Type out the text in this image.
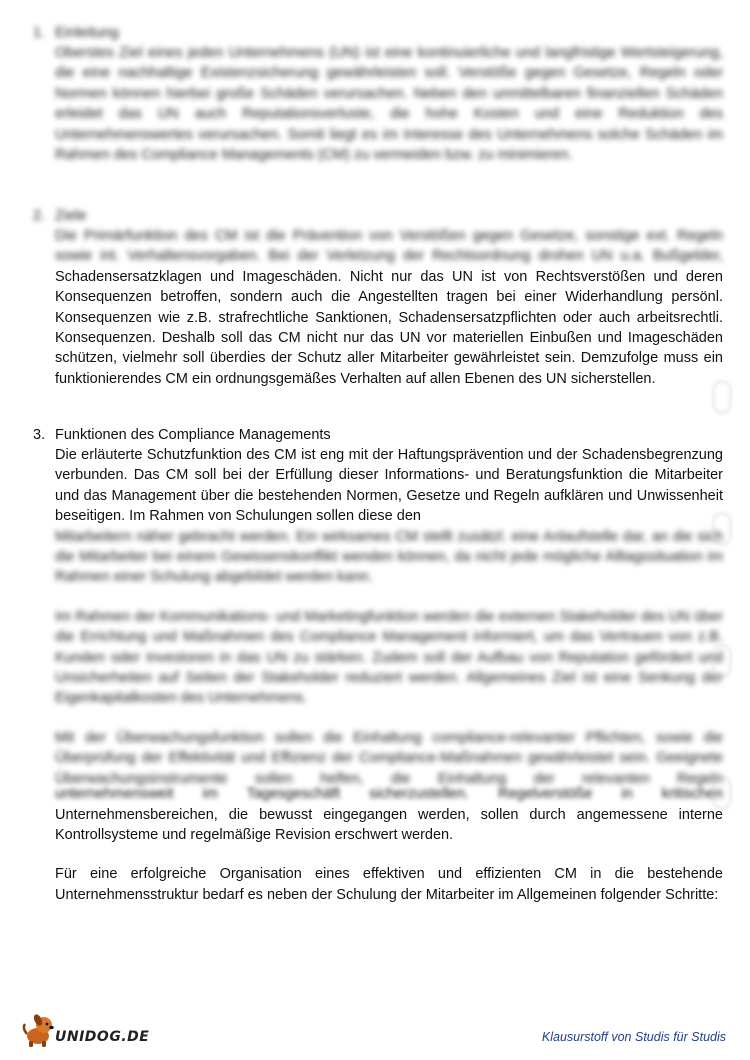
1. Einleitung
Oberstes Ziel eines jeden Unternehmens (UN) ist eine kontinuierliche und langfristige Wertsteigerung, die eine nachhaltige Existenzsicherung gewährleisten soll. Verstöße gegen Gesetze, Regeln oder Normen können hierbei große Schäden verursachen. Neben den unmittelbaren finanziellen Schäden erleidet das UN auch Reputationsverluste, die hohe Kosten und eine Reduktion des Unternehmenswertes verursachen. Somit liegt es im Interesse des Unternehmens solche Schäden im Rahmen des Compliance Managements (CM) zu vermeiden bzw. zu minimieren.
2. Ziele
Die Primärfunktion des CM ist die Prävention von Verstößen gegen Gesetze, sonstige ext. Regeln sowie int. Verhaltensvorgaben. Bei der Verletzung der Rechtsordnung drohen UN u.a. Bußgelder,
Schadensersatzklagen und Imageschäden. Nicht nur das UN ist von Rechtsverstößen und deren Konsequenzen betroffen, sondern auch die Angestellten tragen bei einer Widerhandlung persönl. Konsequenzen wie z.B. strafrechtliche Sanktionen, Schadensersatzpflichten oder auch arbeitsrechtli. Konsequenzen. Deshalb soll das CM nicht nur das UN vor materiellen Einbußen und Imageschäden schützen, vielmehr soll überdies der Schutz aller Mitarbeiter gewährleistet sein. Demzufolge muss ein funktionierendes CM ein ordnungsgemäßes Verhalten auf allen Ebenen des UN sicherstellen.
3. Funktionen des Compliance Managements
Die erläuterte Schutzfunktion des CM ist eng mit der Haftungsprävention und der Schadensbegrenzung verbunden. Das CM soll bei der Erfüllung dieser Informations- und Beratungsfunktion die Mitarbeiter und das Management über die bestehenden Normen, Gesetze und Regeln aufklären und Unwissenheit beseitigen. Im Rahmen von Schulungen sollen diese den
Mitarbeitern näher gebracht werden. Ein wirksames CM stellt zusätzl. eine Anlaufstelle dar, an die sich die Mitarbeiter bei einem Gewissenskonflikt wenden können, da nicht jede mögliche Alltagssituation im Rahmen einer Schulung abgebildet werden kann.
Im Rahmen der Kommunikations- und Marketingfunktion werden die externen Stakeholder des UN über die Errichtung und Maßnahmen des Compliance Management informiert, um das Vertrauen von z.B. Kunden oder Investoren in das UN zu stärken. Zudem soll der Aufbau von Reputation gefördert und Unsicherheiten auf Seiten der Stakeholder reduziert werden. Allgemeines Ziel ist eine Senkung der Eigenkapitalkosten des Unternehmens.
Mit der Überwachungsfunktion sollen die Einhaltung compliance-relevanter Pflichten, sowie die Überprüfung der Effektivität und Effizienz der Compliance-Maßnahmen gewährleistet sein. Geeignete Überwachungsinstrumente sollen helfen, die Einhaltung der relevanten Regeln
unternehmensweit im Tagesgeschäft sicherzustellen. Regelverstöße in kritischen
Unternehmensbereichen, die bewusst eingegangen werden, sollen durch angemessene interne Kontrollsysteme und regelmäßige Revision erschwert werden.
Für eine erfolgreiche Organisation eines effektiven und effizienten CM in die bestehende Unternehmensstruktur bedarf es neben der Schulung der Mitarbeiter im Allgemeinen folgender Schritte:
UNIDOG.DE	Klausurstoff von Studis für Studis
